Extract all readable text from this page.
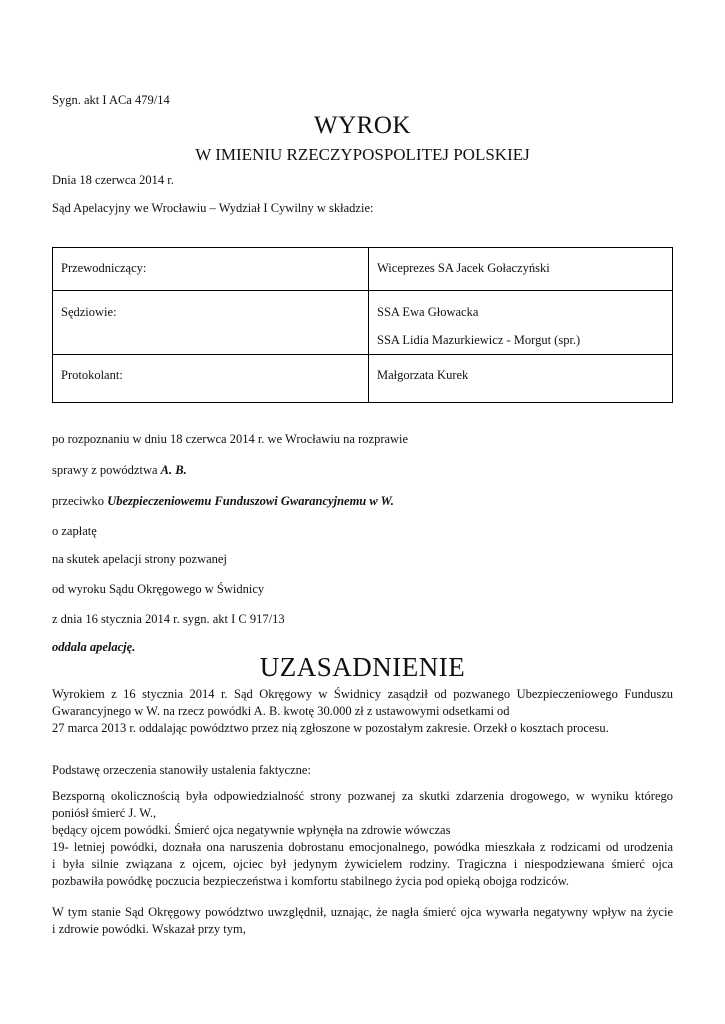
Sygn. akt I ACa 479/14
WYROK
W IMIENIU RZECZYPOSPOLITEJ POLSKIEJ
Dnia 18 czerwca 2014 r.
Sąd Apelacyjny we Wrocławiu – Wydział I Cywilny w składzie:
Przewodniczący:	Wiceprezes SA Jacek Gołaczyński

Sędziowie:	SSA Ewa Głowacka
SSA Lidia Mazurkiewicz - Morgut (spr.)

Protokolant:	Małgorzata Kurek
po rozpoznaniu w dniu 18 czerwca 2014 r. we Wrocławiu na rozprawie
sprawy z powództwa A. B.
przeciwko Ubezpieczeniowemu Funduszowi Gwarancyjnemu w W.
o zapłatę
na skutek apelacji strony pozwanej
od wyroku Sądu Okręgowego w Świdnicy
z dnia 16 stycznia 2014 r. sygn. akt I C 917/13
oddala apelację.
UZASADNIENIE
Wyrokiem z 16 stycznia 2014 r. Sąd Okręgowy w Świdnicy zasądził od pozwanego Ubezpieczeniowego Funduszu
Gwarancyjnego w W. na rzecz powódki A. B. kwotę 30.000 zł z ustawowymi odsetkami od
27 marca 2013 r. oddalając powództwo przez nią zgłoszone w pozostałym zakresie. Orzekł o kosztach procesu.
Podstawę orzeczenia stanowiły ustalenia faktyczne:
Bezsporną okolicznością była odpowiedzialność strony pozwanej za skutki zdarzenia drogowego, w wyniku którego
poniósł śmierć J. W.,
będący ojcem powódki. Śmierć ojca negatywnie wpłynęła na zdrowie wówczas
19- letniej powódki, doznała ona naruszenia dobrostanu emocjonalnego, powódka mieszkała z rodzicami od urodzenia
i była silnie związana z ojcem, ojciec był jedynym żywicielem rodziny. Tragiczna i niespodziewana śmierć ojca
pozbawiła powódkę poczucia bezpieczeństwa i komfortu stabilnego życia pod opieką obojga rodziców.
W tym stanie Sąd Okręgowy powództwo uwzględnił, uznając, że nagła śmierć ojca wywarła negatywny wpływ na życie
i zdrowie powódki. Wskazał przy tym,
